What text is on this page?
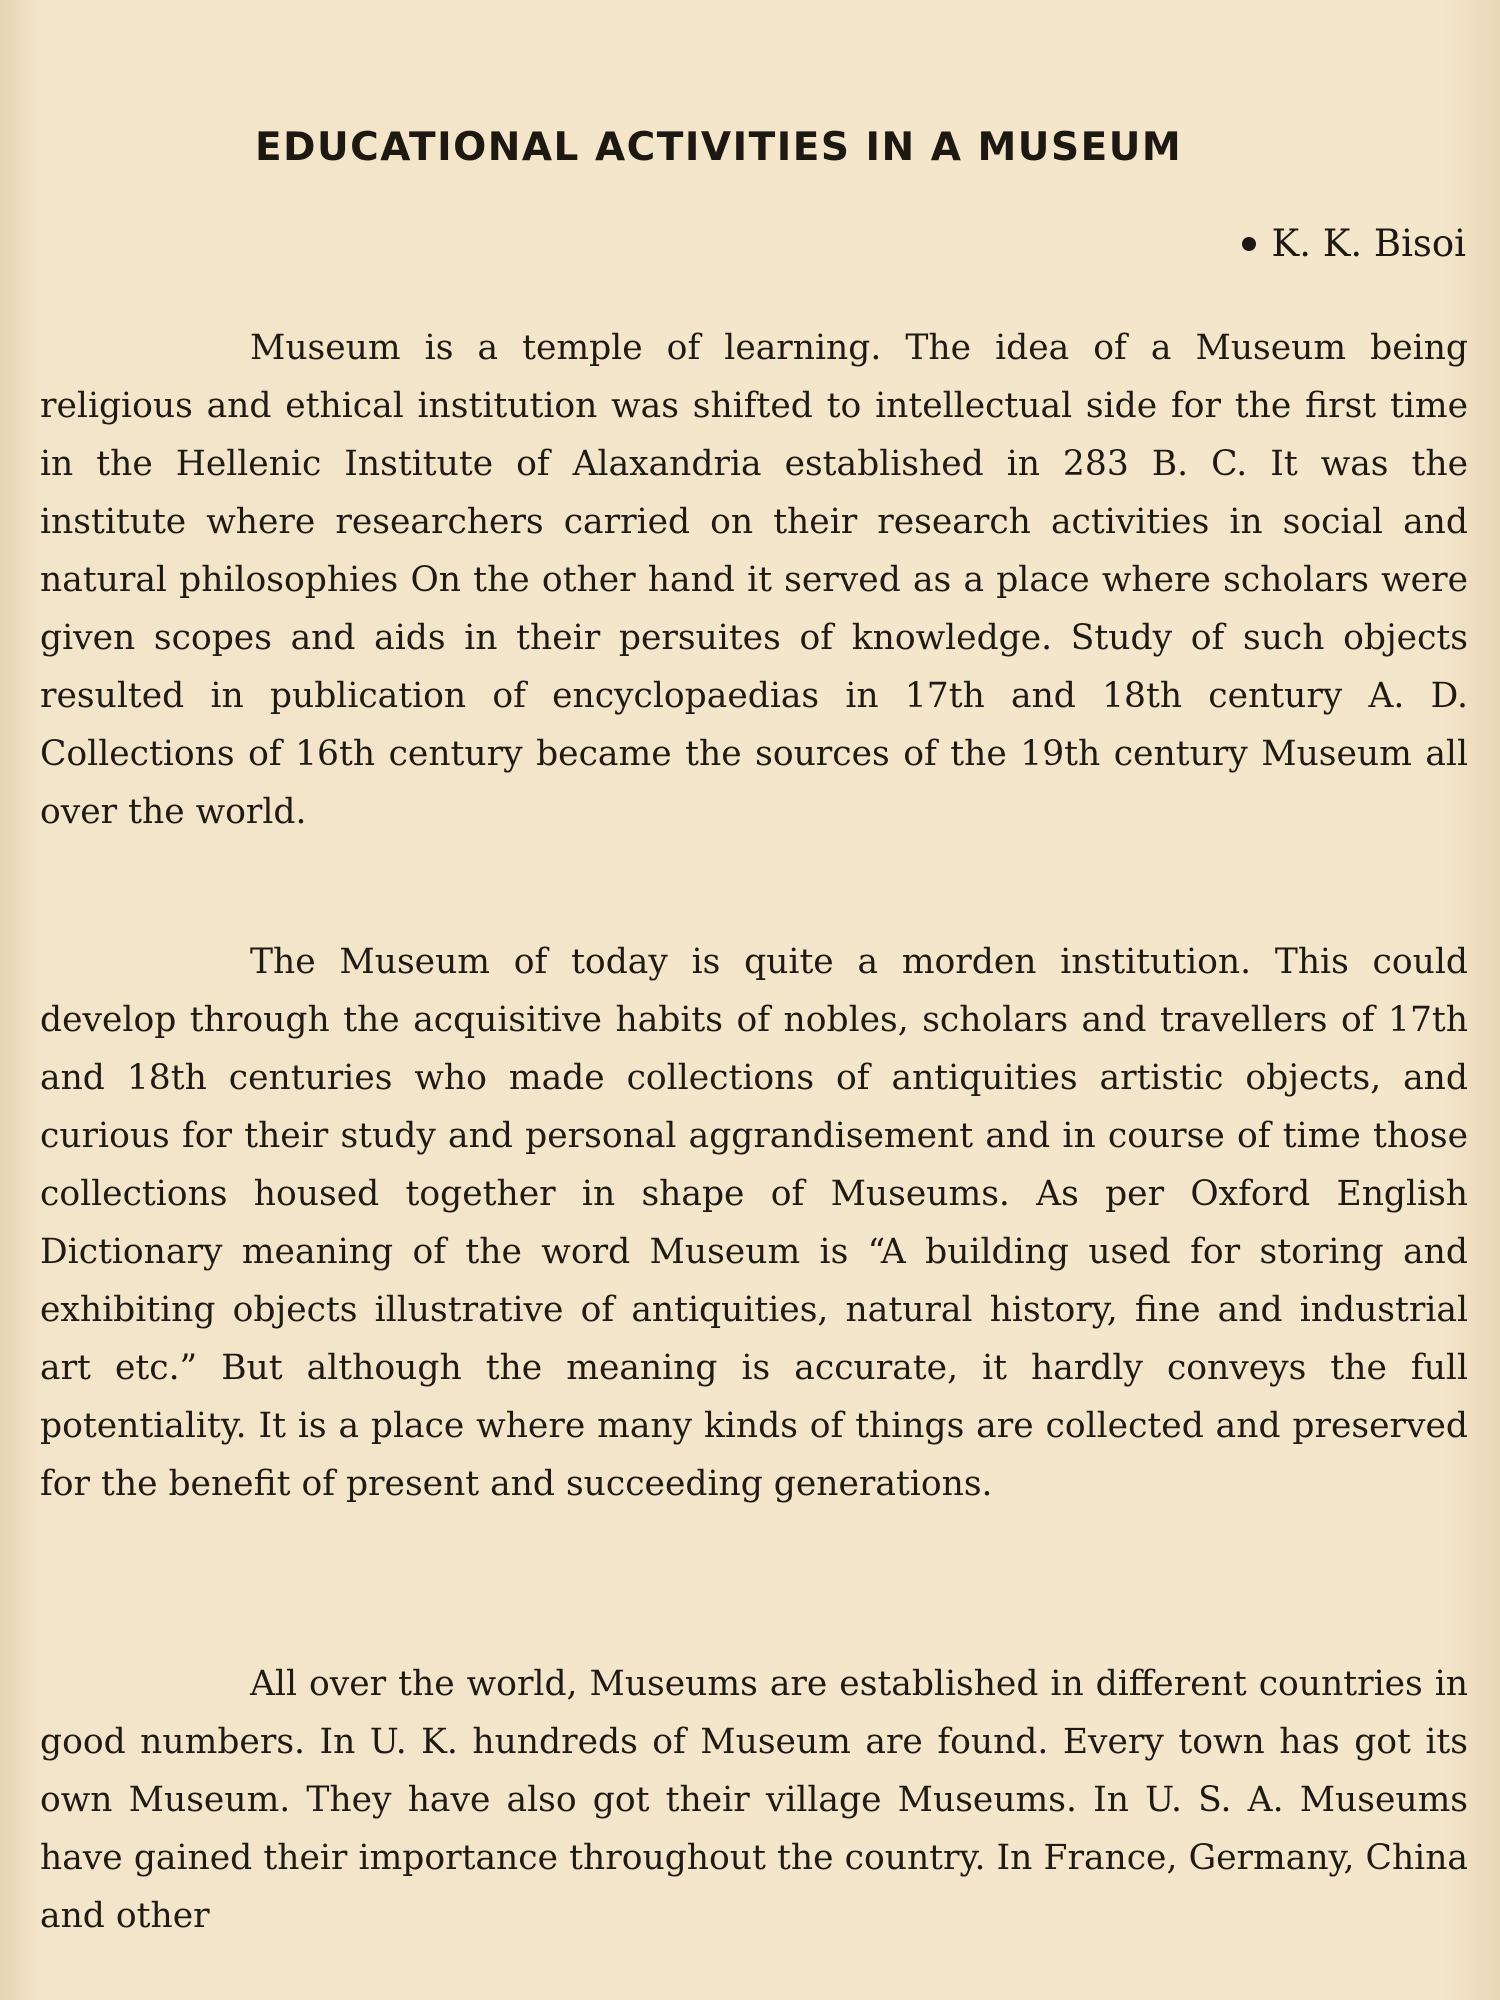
EDUCATIONAL ACTIVITIES IN A MUSEUM
K. K. Bisoi

Museum is a temple of learning. The idea of a Museum being religious and ethical institution was shifted to intellectual side for the first time in the Hellenic Institute of Alaxandria established in 283 B. C. It was the institute where researchers carried on their research activities in social and natural philosophies On the other hand it served as a place where scholars were given scopes and aids in their persuites of knowledge. Study of such objects resulted in publication of encyclopaedias in 17th and 18th century A. D. Collections of 16th century became the sources of the 19th century Museum all over the world.

The Museum of today is quite a morden institution. This could develop through the acquisitive habits of nobles, scholars and travellers of 17th and 18th centuries who made collections of antiquities artistic objects, and curious for their study and personal aggrandisement and in course of time those collections housed together in shape of Museums. As per Oxford English Dictionary meaning of the word Museum is “A building used for storing and exhibiting objects illustrative of antiquities, natural history, fine and industrial art etc.” But although the meaning is accurate, it hardly conveys the full potentiality. It is a place where many kinds of things are collected and preserved for the benefit of present and succeeding generations.

All over the world, Museums are established in different countries in good numbers. In U. K. hundreds of Museum are found. Every town has got its own Museum. They have also got their village Museums. In U. S. A. Museums have gained their importance throughout the country. In France, Germany, China and other
